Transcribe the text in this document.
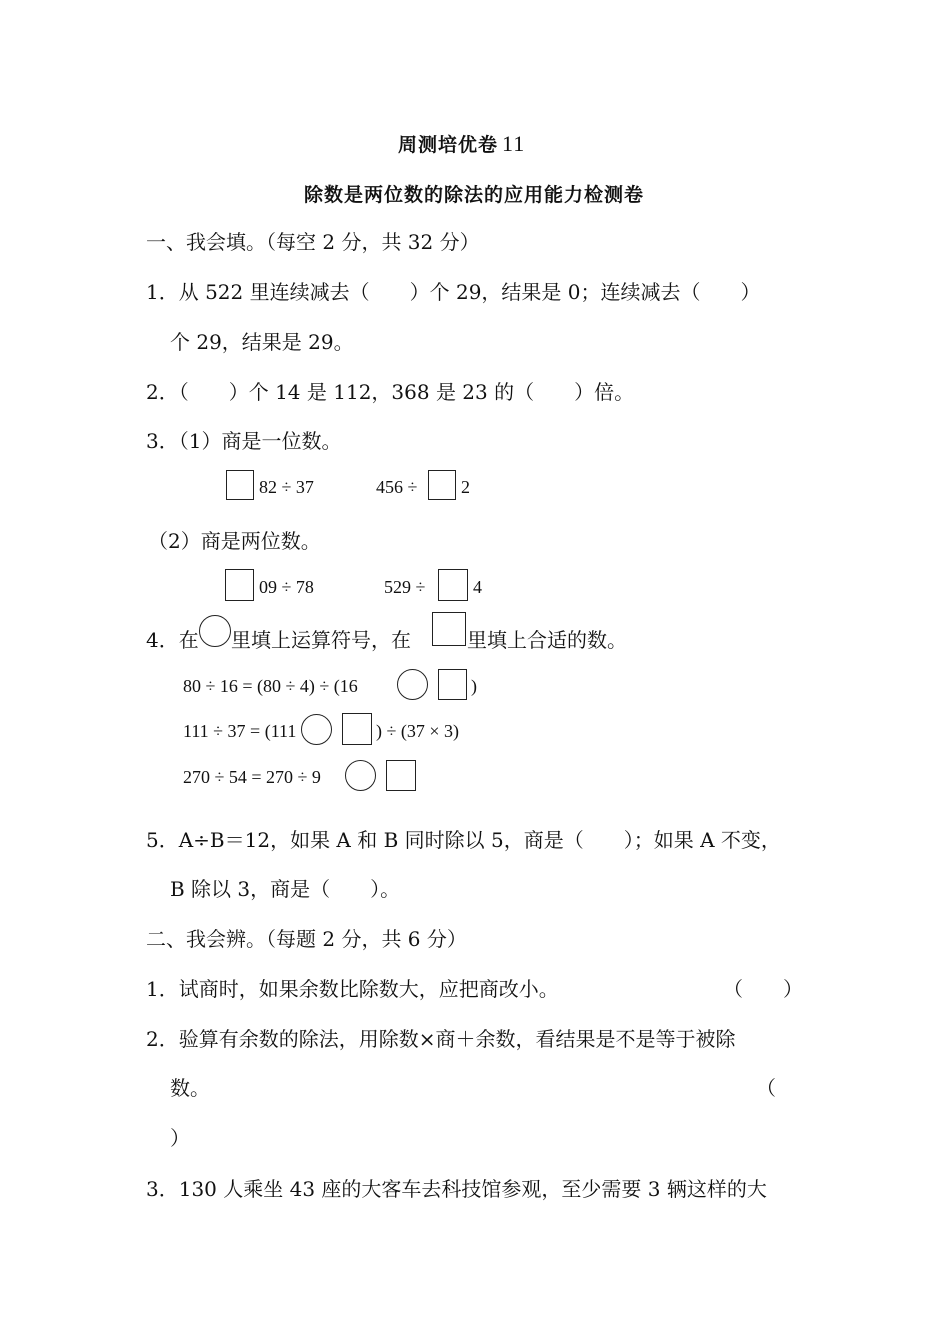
周测培优卷 11
除数是两位数的除法的应用能力检测卷
一、我会填。（每空 2 分，共 32 分）
1．从 522 里连续减去（　　）个 29，结果是 0；连续减去（　　）
个 29，结果是 29。
2．（　　）个 14 是 112，368 是 23 的（　　）倍。
3．（1）商是一位数。
82 ÷ 37	456 ÷ 2
（2）商是两位数。
09 ÷ 78	529 ÷	4
4．在 里填上运算符号，在	里填上合适的数。
80 ÷ 16 = (80 ÷ 4) ÷ (16	)
111 ÷ 37 = (111	) ÷ (37 × 3)
270 ÷ 54 = 270 ÷ 9
5．A÷B＝12，如果 A 和 B 同时除以 5，商是（　　）；如果 A 不变，
B 除以 3，商是（　　）。
二、我会辨。（每题 2 分，共 6 分）
1．试商时，如果余数比除数大，应把商改小。	（　　）
2．验算有余数的除法，用除数×商＋余数，看结果是不是等于被除
数。	（
）
3．130 人乘坐 43 座的大客车去科技馆参观，至少需要 3 辆这样的大
